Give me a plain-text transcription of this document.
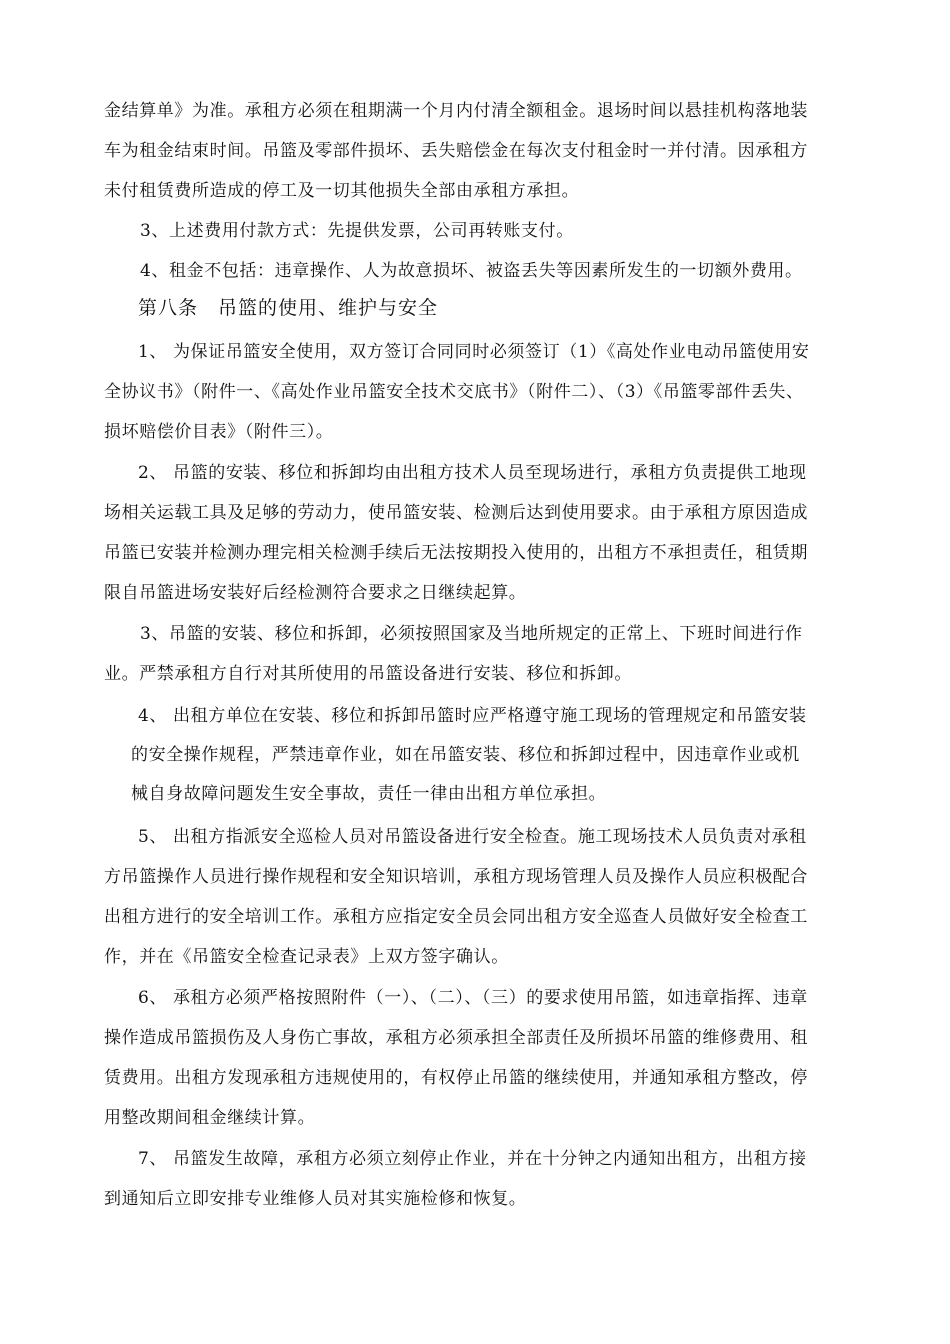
金结算单》为准。承租方必须在租期满一个月内付清全额租金。退场时间以悬挂机构落地装
车为租金结束时间。吊篮及零部件损坏、丢失赔偿金在每次支付租金时一并付清。因承租方
未付租赁费所造成的停工及一切其他损失全部由承租方承担。
3、上述费用付款方式：先提供发票，公司再转账支付。
4、租金不包括：违章操作、人为故意损坏、被盗丢失等因素所发生的一切额外费用。
第八条　吊篮的使用、维护与安全
1、 为保证吊篮安全使用，双方签订合同同时必须签订（1）《高处作业电动吊篮使用安
全协议书》（附件一、《高处作业吊篮安全技术交底书》（附件二）、（3）《吊篮零部件丢失、
损坏赔偿价目表》（附件三）。
2、 吊篮的安装、移位和拆卸均由出租方技术人员至现场进行，承租方负责提供工地现
场相关运载工具及足够的劳动力，使吊篮安装、检测后达到使用要求。由于承租方原因造成
吊篮已安装并检测办理完相关检测手续后无法按期投入使用的，出租方不承担责任，租赁期
限自吊篮进场安装好后经检测符合要求之日继续起算。
3、吊篮的安装、移位和拆卸，必须按照国家及当地所规定的正常上、下班时间进行作
业。严禁承租方自行对其所使用的吊篮设备进行安装、移位和拆卸。
4、 出租方单位在安装、移位和拆卸吊篮时应严格遵守施工现场的管理规定和吊篮安装
的安全操作规程，严禁违章作业，如在吊篮安装、移位和拆卸过程中，因违章作业或机
械自身故障问题发生安全事故，责任一律由出租方单位承担。
5、 出租方指派安全巡检人员对吊篮设备进行安全检查。施工现场技术人员负责对承租
方吊篮操作人员进行操作规程和安全知识培训，承租方现场管理人员及操作人员应积极配合
出租方进行的安全培训工作。承租方应指定安全员会同出租方安全巡查人员做好安全检查工
作，并在《吊篮安全检查记录表》上双方签字确认。
6、 承租方必须严格按照附件（一）、（二）、（三）的要求使用吊篮，如违章指挥、违章
操作造成吊篮损伤及人身伤亡事故，承租方必须承担全部责任及所损坏吊篮的维修费用、租
赁费用。出租方发现承租方违规使用的，有权停止吊篮的继续使用，并通知承租方整改，停
用整改期间租金继续计算。
7、 吊篮发生故障，承租方必须立刻停止作业，并在十分钟之内通知出租方，出租方接
到通知后立即安排专业维修人员对其实施检修和恢复。
